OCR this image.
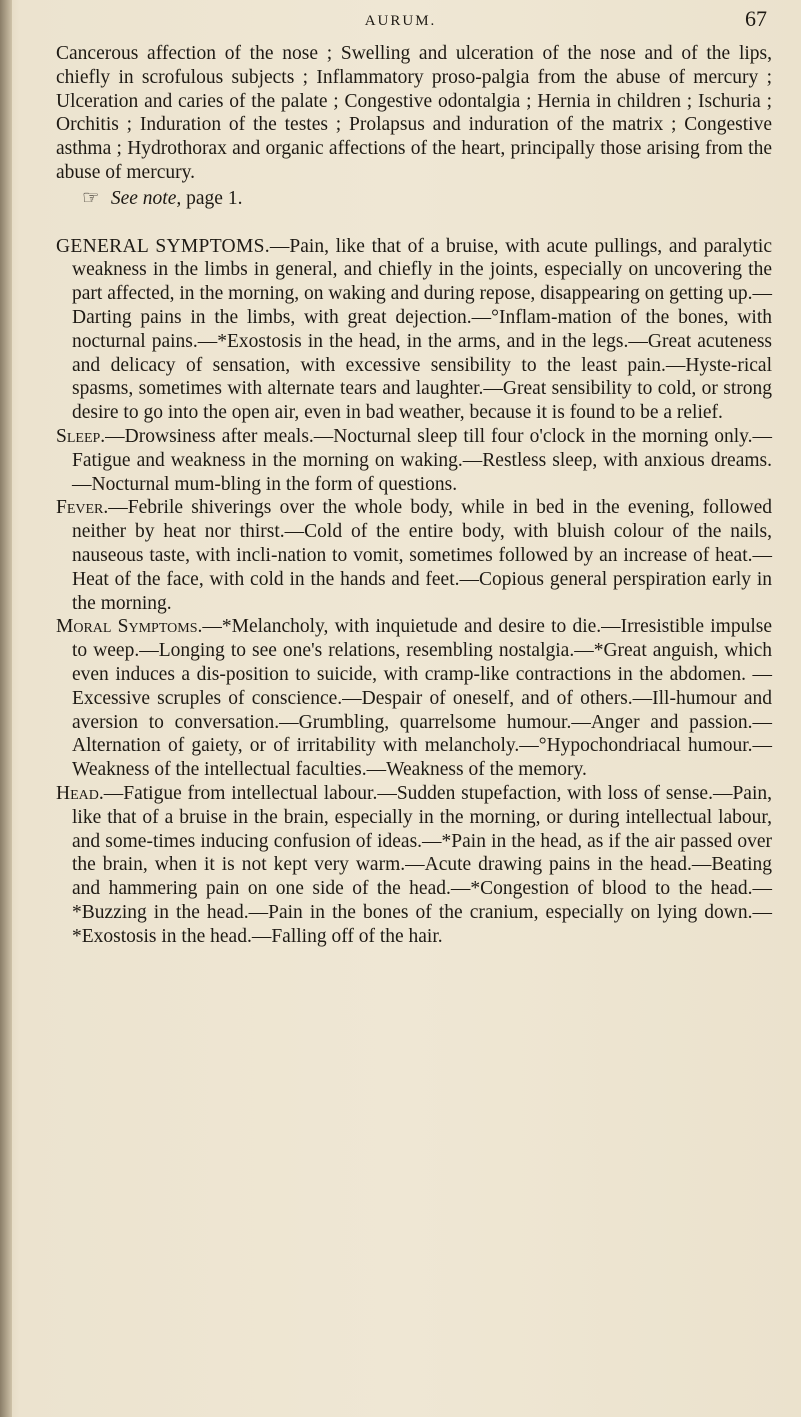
AURUM.	67

Cancerous affection of the nose ; Swelling and ulceration of the nose and of the lips, chiefly in scrofulous subjects ; Inflammatory proso-palgia from the abuse of mercury ; Ulceration and caries of the palate ; Congestive odontalgia ; Hernia in children ; Ischuria ; Orchitis ; Induration of the testes ; Prolapsus and induration of the matrix ; Congestive asthma ; Hydrothorax and organic affections of the heart, principally those arising from the abuse of mercury.

☞ See note, page 1.

GENERAL SYMPTOMS.—Pain, like that of a bruise, with acute pullings, and paralytic weakness in the limbs in general, and chiefly in the joints, especially on uncovering the part affected, in the morning, on waking and during repose, disappearing on getting up.—Darting pains in the limbs, with great dejection.—°Inflam-mation of the bones, with nocturnal pains.—*Exostosis in the head, in the arms, and in the legs.—Great acuteness and delicacy of sensation, with excessive sensibility to the least pain.—Hyste-rical spasms, sometimes with alternate tears and laughter.—Great sensibility to cold, or strong desire to go into the open air, even in bad weather, because it is found to be a relief.

Sleep.—Drowsiness after meals.—Nocturnal sleep till four o'clock in the morning only.—Fatigue and weakness in the morning on waking.—Restless sleep, with anxious dreams.—Nocturnal mum-bling in the form of questions.

Fever.—Febrile shiverings over the whole body, while in bed in the evening, followed neither by heat nor thirst.—Cold of the entire body, with bluish colour of the nails, nauseous taste, with incli-nation to vomit, sometimes followed by an increase of heat.—Heat of the face, with cold in the hands and feet.—Copious general perspiration early in the morning.

Moral Symptoms.—*Melancholy, with inquietude and desire to die.—Irresistible impulse to weep.—Longing to see one's relations, resembling nostalgia.—*Great anguish, which even induces a dis-position to suicide, with cramp-like contractions in the abdomen. —Excessive scruples of conscience.—Despair of oneself, and of others.—Ill-humour and aversion to conversation.—Grumbling, quarrelsome humour.—Anger and passion.—Alternation of gaiety, or of irritability with melancholy.—°Hypochondriacal humour.—Weakness of the intellectual faculties.—Weakness of the memory.

Head.—Fatigue from intellectual labour.—Sudden stupefaction, with loss of sense.—Pain, like that of a bruise in the brain, especially in the morning, or during intellectual labour, and some-times inducing confusion of ideas.—*Pain in the head, as if the air passed over the brain, when it is not kept very warm.—Acute drawing pains in the head.—Beating and hammering pain on one side of the head.—*Congestion of blood to the head.—*Buzzing in the head.—Pain in the bones of the cranium, especially on lying down.—*Exostosis in the head.—Falling off of the hair.
